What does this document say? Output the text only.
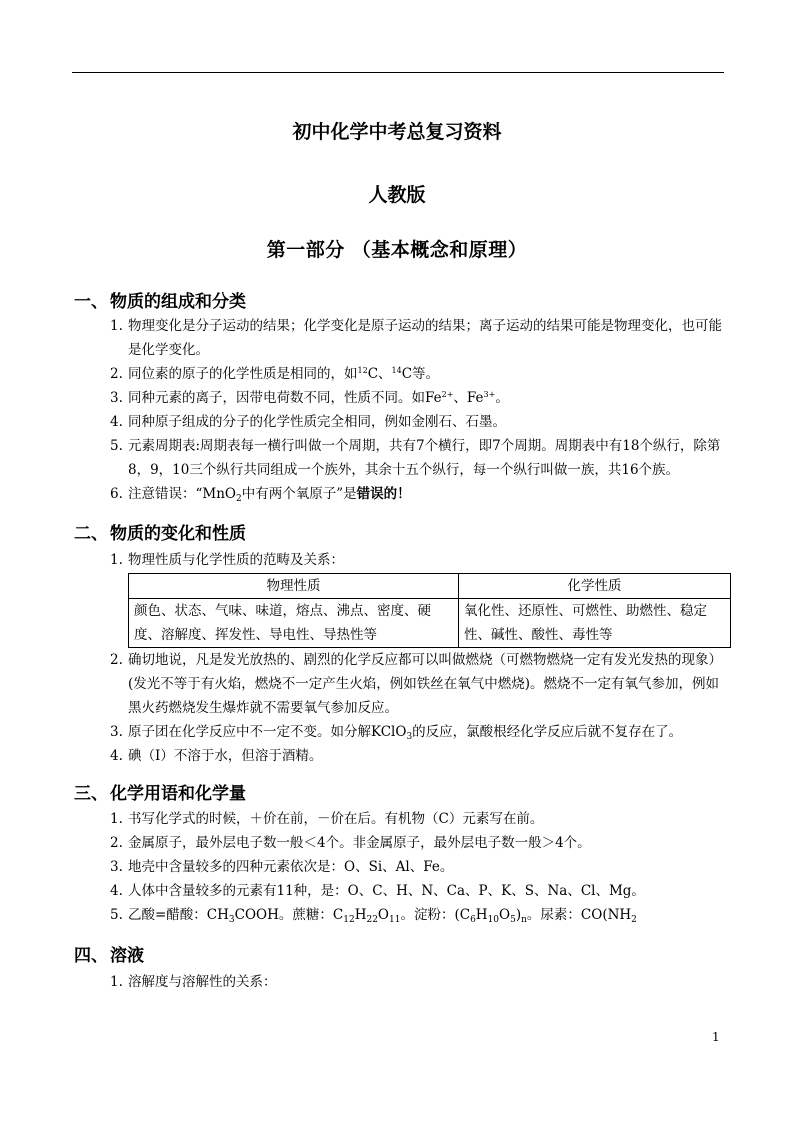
初中化学中考总复习资料
人教版
第一部分 （基本概念和原理）
一、 物质的组成和分类
1. 物理变化是分子运动的结果；化学变化是原子运动的结果；离子运动的结果可能是物理变化，也可能是化学变化。
2. 同位素的原子的化学性质是相同的，如$^{12}$C、$^{14}$C等。
3. 同种元素的离子，因带电荷数不同，性质不同。如$Fe^{2+}$、$Fe^{3+}$。
4. 同种原子组成的分子的化学性质完全相同，例如金刚石、石墨。
5. 元素周期表:周期表每一横行叫做一个周期，共有7个横行，即7个周期。周期表中有18个纵行，除第8，9，10三个纵行共同组成一个族外，其余十五个纵行，每一个纵行叫做一族，共16个族。
6. 注意错误：“MnO$_2$中有两个氧原子”是错误的！
二、 物质的变化和性质
1. 物理性质与化学性质的范畴及关系：
物理性质	化学性质
颜色、状态、气味、味道，熔点、沸点、密度、硬度、溶解度、挥发性、导电性、导热性等	氧化性、还原性、可燃性、助燃性、稳定性、碱性、酸性、毒性等
2. 确切地说，凡是发光放热的、剧烈的化学反应都可以叫做燃烧（可燃物燃烧一定有发光发热的现象）(发光不等于有火焰，燃烧不一定产生火焰，例如铁丝在氧气中燃烧)。燃烧不一定有氧气参加，例如黑火药燃烧发生爆炸就不需要氧气参加反应。
3. 原子团在化学反应中不一定不变。如分解KClO$_3$的反应，氯酸根经化学反应后就不复存在了。
4. 碘（I）不溶于水，但溶于酒精。
三、 化学用语和化学量
1. 书写化学式的时候，＋价在前，－价在后。有机物（C）元素写在前。
2. 金属原子，最外层电子数一般＜4个。非金属原子，最外层电子数一般＞4个。
3. 地壳中含量较多的四种元素依次是：O、Si、Al、Fe。
4. 人体中含量较多的元素有11种，是：O、C、H、N、Ca、P、K、S、Na、Cl、Mg。
5. 乙酸=醋酸：$CH_3COOH$。蔗糖：$C_{12}H_{22}O_{11}$。淀粉：$(C_6H_{10}O_5)_n$。尿素：$CO(NH_2$
四、 溶液
1. 溶解度与溶解性的关系：
1
